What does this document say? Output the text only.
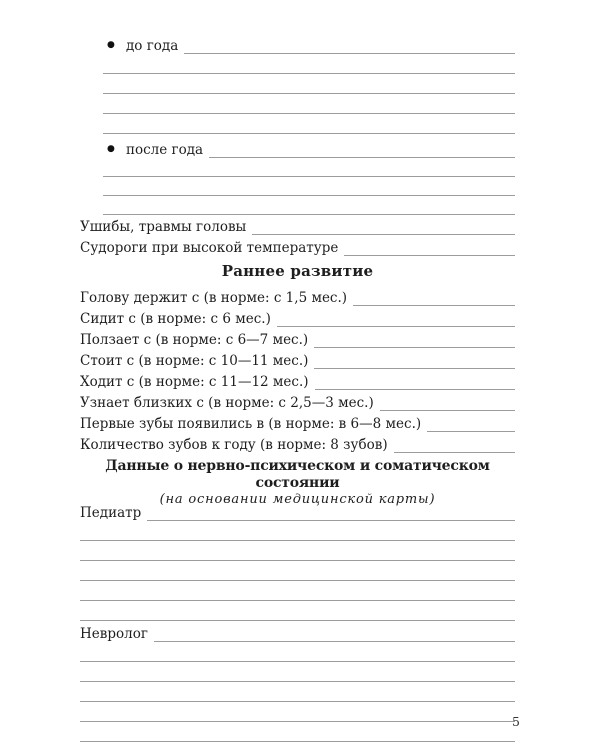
● до года
● после года
Ушибы, травмы головы
Судороги при высокой температуре
Раннее развитие
Голову держит с (в норме: с 1,5 мес.)
Сидит с (в норме: с 6 мес.)
Ползает с (в норме: с 6—7 мес.)
Стоит с (в норме: с 10—11 мес.)
Ходит с (в норме: с 11—12 мес.)
Узнает близких с (в норме: с 2,5—3 мес.)
Первые зубы появились в (в норме: в 6—8 мес.)
Количество зубов к году (в норме: 8 зубов)
Данные о нервно-психическом и соматическом состоянии
(на основании медицинской карты)
Педиатр
Невролог
5
